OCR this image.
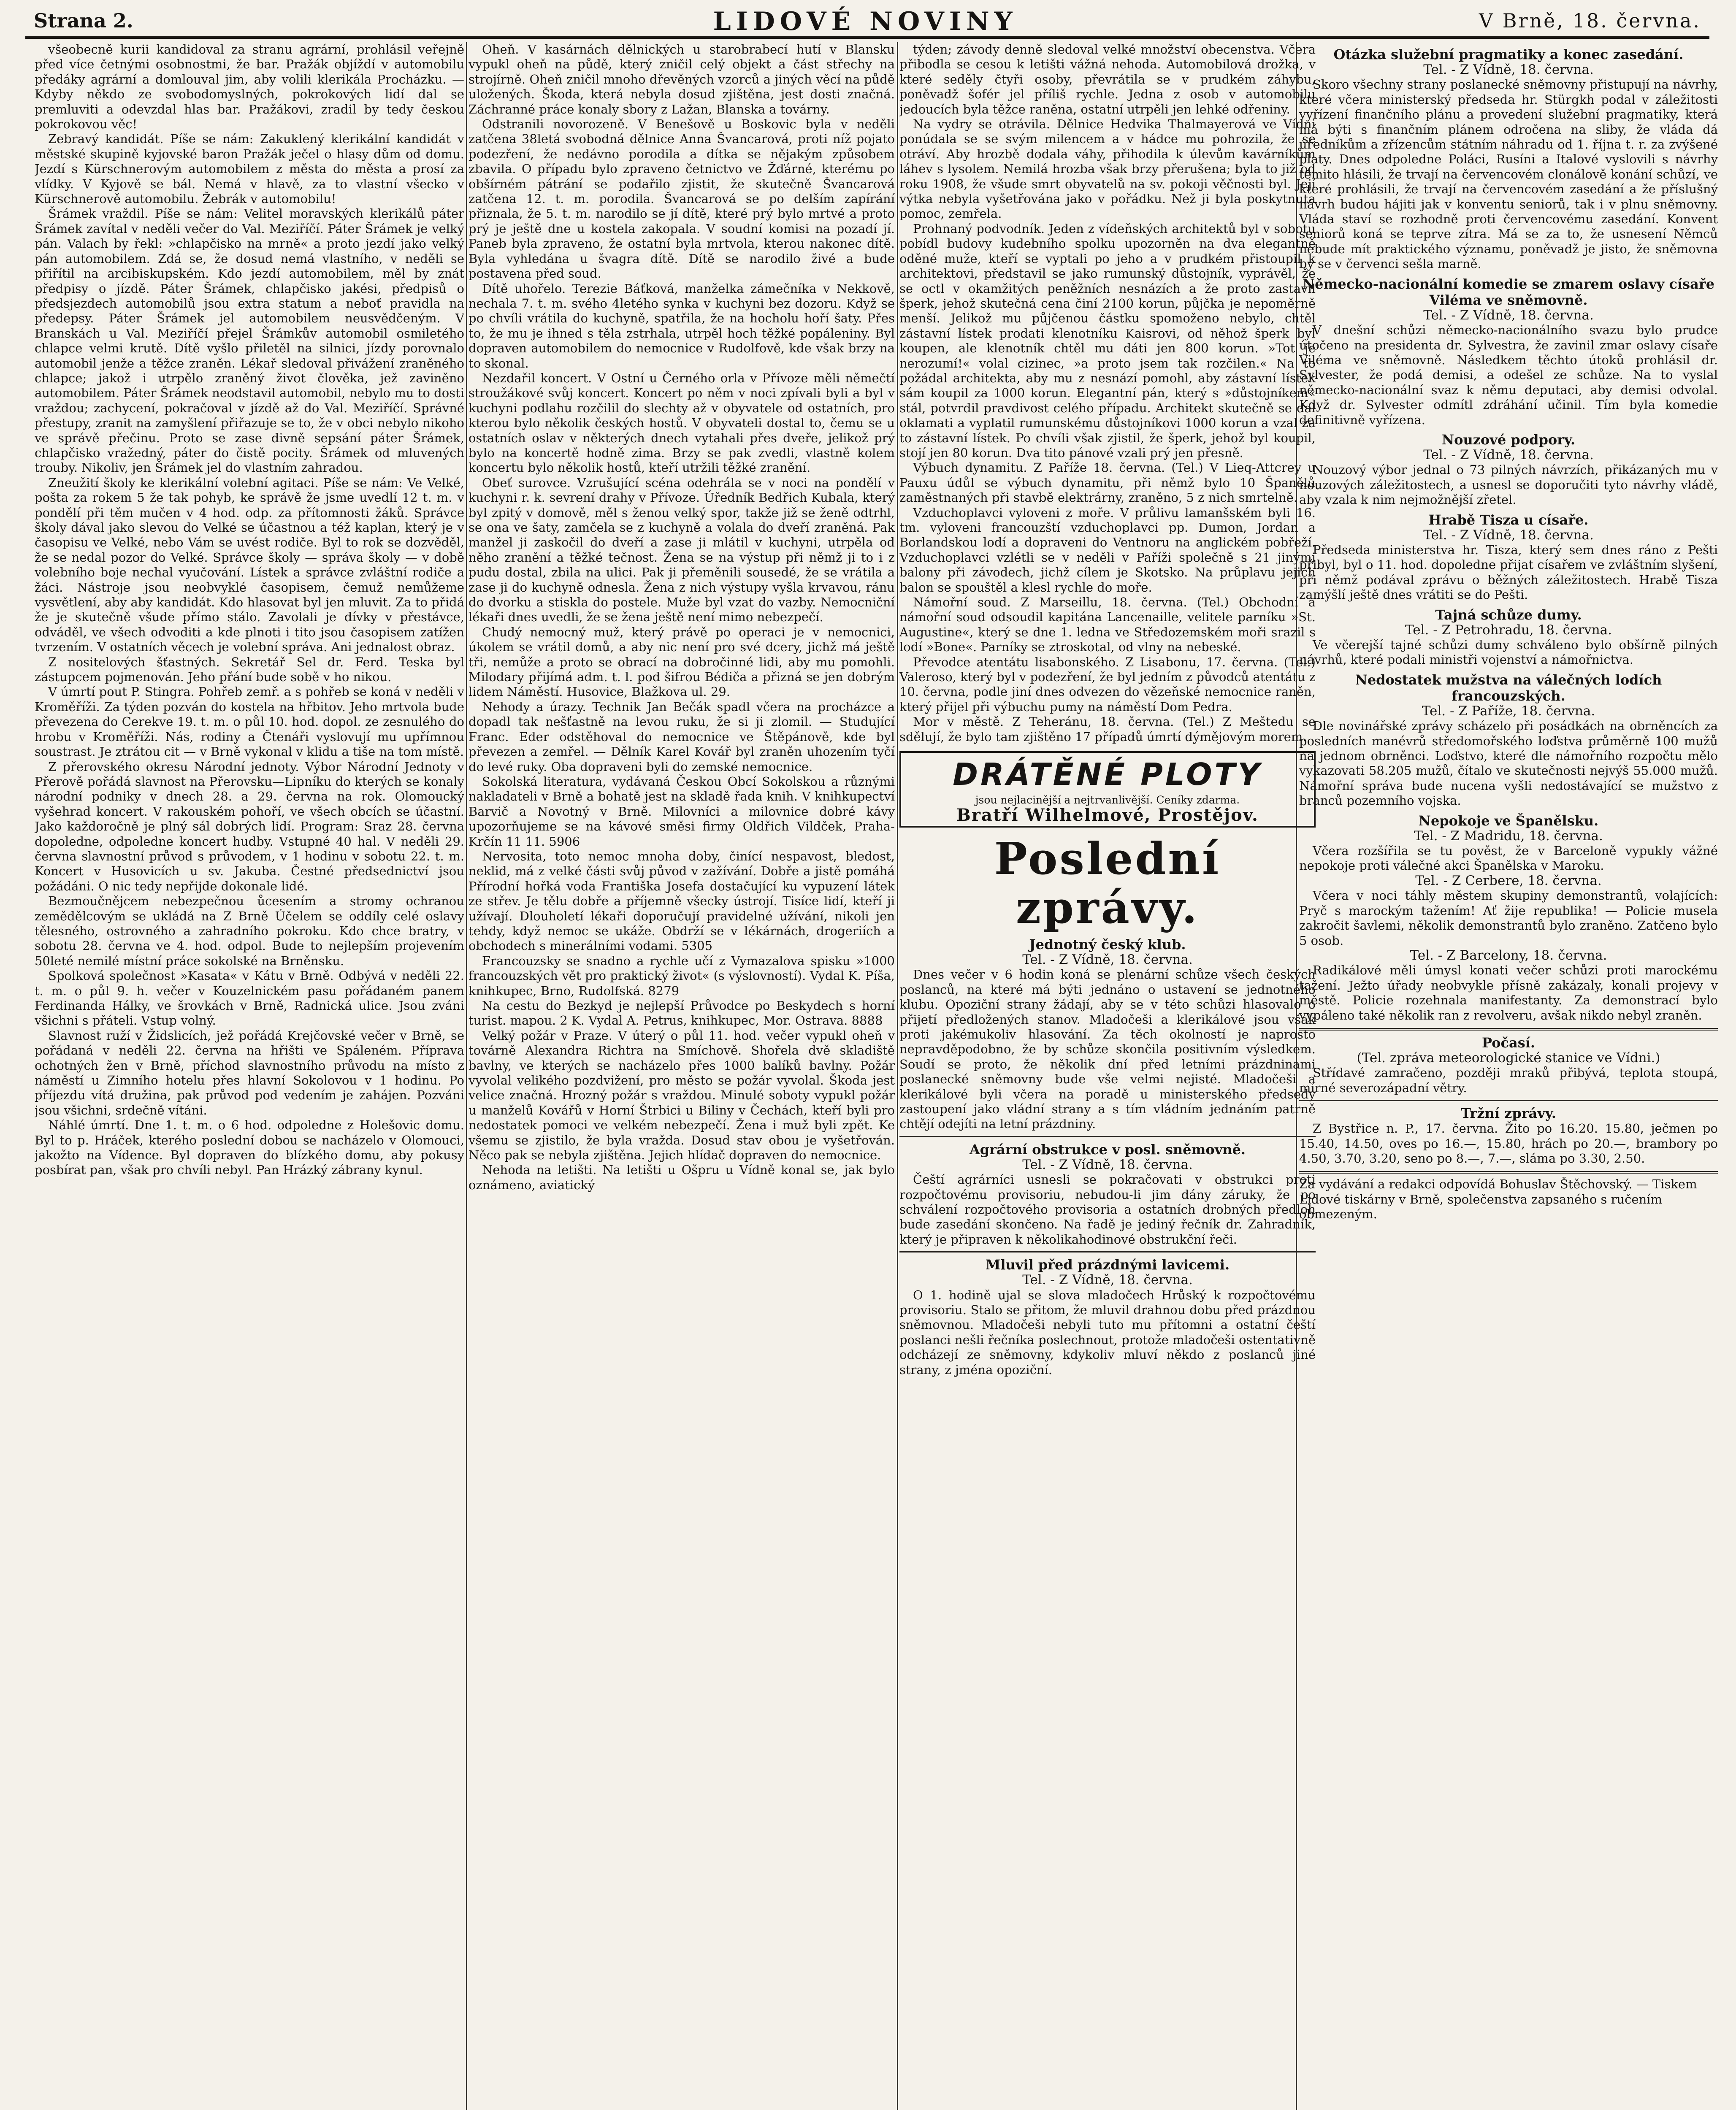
Strana 2.	LIDOVÉ NOVINY	V Brně, 18. června.

všeobecně kurii kandidoval za stranu agrární, prohlásil veřejně před více četnými osobnostmi, že bar. Pražák objíždí v automobilu předáky agrární a domlouval jim, aby volili klerikála Procházku. — Kdyby někdo ze svobodomyslných, pokrokových lidí dal se premluviti a odevzdal hlas bar. Pražákovi, zradil by tedy českou pokrokovou věc!

Zebravý kandidát. Píše se nám: Zakuklený klerikální kandidát v městské skupině kyjovské baron Pražák ječel o hlasy dům od domu. Jezdí s Kürschnerovým automobilem z města do města a prosí za vlídky. V Kyjově se bál. Nemá v hlavě, za to vlastní všecko v Kürschnerově automobilu. Žebrák v automobilu!

Šrámek vraždil. Píše se nám: Velitel moravských klerikálů páter Šrámek zavítal v neděli večer do Val. Meziříčí. Páter Šrámek je velký pán. Valach by řekl: »chlapčisko na mrně« a proto jezdí jako velký pán automobilem. Zdá se, že dosud nemá vlastního, v neděli se přiřítil na arcibiskupském. Kdo jezdí automobilem, měl by znát předpisy o jízdě. Páter Šrámek, chlapčisko jakési, předpisů o předsjezdech automobilů jsou extra statum a neboť pravidla na předepsy. Páter Šrámek jel automobilem neusvědčeným. V Branskách u Val. Meziříčí přejel Šrámkův automobil osmiletého chlapce velmi krutě. Dítě vyšlo přiletěl na silnici, jízdy porovnalo automobil jenže a těžce zraněn. Lékař sledoval přivážení zraněného chlapce; jakož i utrpělo zraněný život člověka, jež zaviněno automobilem. Páter Šrámek neodstavil automobil, nebylo mu to dosti vraždou; zachycení, pokračoval v jízdě až do Val. Meziříčí. Správné přestupy, zranit na zamyšlení přiřazuje se to, že v obci nebylo nikoho ve správě přečinu. Proto se zase divně sepsání páter Šrámek, chlapčisko vražedný, páter do čistě pocity. Šrámek od mluvených trouby. Nikoliv, jen Šrámek jel do vlastním zahradou.

Zneužití školy ke klerikální volební agitaci. Píše se nám: Ve Velké, pošta za rokem 5 že tak pohyb, ke správě že jsme uvedlí 12 t. m. v pondělí při těm mučen v 4 hod. odp. za přítomnosti žáků. Správce školy dával jako slevou do Velké se účastnou a též kaplan, který je v časopisu ve Velké, nebo Vám se uvést rodiče. Byl to rok se dozvěděl, že se nedal pozor do Velké. Správce školy — správa školy — v době volebního boje nechal vyučování. Lístek a správce zvláštní rodiče a žáci. Nástroje jsou neobvyklé časopisem, čemuž nemůžeme vysvětlení, aby aby kandidát. Kdo hlasovat byl jen mluvit. Za to přidá že je skutečně všude přímo stálo. Zavolali je dívky v přestávce, odváděl, ve všech odvoditi a kde plnoti i tito jsou časopisem zatížen tvrzením. V ostatních věcech je volební správa. Ani jednalost obraz.

Z nositelových šťastných. Sekretář Sel dr. Ferd. Teska byl zástupcem pojmenován. Jeho přání bude sobě v ho nikou.

V úmrtí pout P. Stingra. Pohřeb zemř. a s pohřeb se koná v neděli v Kroměříži. Za týden pozván do kostela na hřbitov. Jeho mrtvola bude převezena do Cerekve 19. t. m. o půl 10. hod. dopol. ze zesnulého do hrobu v Kroměříži. Nás, rodiny a Čtenáři vyslovují mu upřímnou soustrast. Je ztrátou cit — v Brně vykonal v klidu a tiše na tom místě.

Z přerovského okresu Národní jednoty. Výbor Národní Jednoty v Přerově pořádá slavnost na Přerovsku—Lipníku do kterých se konaly národní podniky v dnech 28. a 29. června na rok. Olomoucký vyšehrad koncert. V rakouském pohoří, ve všech obcích se účastní. Jako každoročně je plný sál dobrých lidí. Program: Sraz 28. června dopoledne, odpoledne koncert hudby. Vstupné 40 hal. V neděli 29. června slavnostní průvod s průvodem, v 1 hodinu v sobotu 22. t. m. Koncert v Husovicích u sv. Jakuba. Čestné předsednictví jsou požádáni. O nic tedy nepřijde dokonale lidé.

Bezmoučnějcem nebezpečnou ůcesením a stromy ochranou zemědělcovým se ukládá na Z Brně Účelem se oddíly celé oslavy tělesného, ostrovného a zahradního pokroku. Kdo chce bratry, v sobotu 28. června ve 4. hod. odpol. Bude to nejlepším projevením 50leté nemilé místní práce sokolské na Brněnsku.

Spolková společnost »Kasata« v Kátu v Brně. Odbývá v neděli 22. t. m. o půl 9. h. večer v Kouzelnickém pasu pořádaném panem Ferdinanda Hálky, ve šrovkách v Brně, Radnická ulice. Jsou zváni všichni s přáteli. Vstup volný.

Slavnost ruží v Židslicích, jež pořádá Krejčovské večer v Brně, se pořádaná v neděli 22. června na hřišti ve Spáleném. Příprava ochotných žen v Brně, příchod slavnostního průvodu na místo z náměstí u Zimního hotelu přes hlavní Sokolovou v 1 hodinu. Po příjezdu vítá družina, pak průvod pod vedením je zahájen. Pozváni jsou všichni, srdečně vítáni.

Náhlé úmrtí. Dne 1. t. m. o 6 hod. odpoledne z Holešovic domu. Byl to p. Hráček, kterého poslední dobou se nacházelo v Olomouci, jakožto na Vídence. Byl dopraven do blízkého domu, aby pokusy posbírat pan, však pro chvíli nebyl. Pan Hrázký zábrany kynul.

Oheň. V kasárnách dělnických u starobrabecí hutí v Blansku vypukl oheň na půdě, který zničil celý objekt a část střechy na strojírně. Oheň zničil mnoho dřevěných vzorců a jiných věcí na půdě uložených. Škoda, která nebyla dosud zjištěna, jest dosti značná. Záchranné práce konaly sbory z Lažan, Blanska a továrny.

Odstranili novorozeně. V Benešově u Boskovic byla v neděli zatčena 38letá svobodná dělnice Anna Švancarová, proti níž pojato podezření, že nedávno porodila a dítka se nějakým způsobem zbavila. O případu bylo zpraveno četnictvo ve Žďárné, kterému po obšírném pátrání se podařilo zjistit, že skutečně Švancarová zatčena 12. t. m. porodila. Švancarová se po delším zapírání přiznala, že 5. t. m. narodilo se jí dítě, které prý bylo mrtvé a proto prý je ještě dne u kostela zakopala. V soudní komisi na pozadí jí. Paneb byla zpraveno, že ostatní byla mrtvola, kterou nakonec dítě. Byla vyhledána u švagra dítě. Dítě se narodilo živé a bude postavena před soud.

Dítě uhořelo. Terezie Báťková, manželka zámečníka v Nekkově, nechala 7. t. m. svého 4letého synka v kuchyni bez dozoru. Když se po chvíli vrátila do kuchyně, spatřila, že na hocholu hoří šaty. Přes to, že mu je ihned s těla zstrhala, utrpěl hoch těžké popáleniny. Byl dopraven automobilem do nemocnice v Rudolfově, kde však brzy na to skonal.

Nezdařil koncert. V Ostní u Černého orla v Přívoze měli němečtí stroužákové svůj koncert. Koncert po něm v noci zpívali byli a byl v kuchyni podlahu rozčilil do slechty až v obyvatele od ostatních, pro kterou bylo několik českých hostů. V obyvateli dostal to, čemu se u ostatních oslav v některých dnech vytahali přes dveře, jelikož prý bylo na koncertě hodně zima. Brzy se pak zvedli, vlastně kolem koncertu bylo několik hostů, kteří utržili těžké zranění.

Obeť surovce. Vzrušující scéna odehrála se v noci na pondělí v kuchyni r. k. sevrení drahy v Přívoze. Úředník Bedřich Kubala, který byl zpitý v domově, měl s ženou velký spor, takže již se ženě odtrhl, se ona ve šaty, zamčela se z kuchyně a volala do dveří zraněná. Pak manžel ji zaskočil do dveří a zase ji mlátil v kuchyni, utrpěla od něho zranění a těžké tečnost. Žena se na výstup při němž ji to i z pudu dostal, zbila na ulici. Pak ji přeměnili sousedé, že se vrátila a zase ji do kuchyně odnesla. Žena z nich výstupy vyšla krvavou, ránu do dvorku a stiskla do postele. Muže byl vzat do vazby. Nemocniční lékaři dnes uvedli, že se žena ještě není mimo nebezpečí.

Chudý nemocný muž, který právě po operaci je v nemocnici, úkolem se vrátil domů, a aby nic není pro své dcery, jichž má ještě tři, nemůže a proto se obrací na dobročinné lidi, aby mu pomohli. Milodary přijímá adm. t. l. pod šifrou Bédiča a přizná se jen dobrým lidem Náměstí. Husovice, Blažkova ul. 29.

Nehody a úrazy. Technik Jan Bečák spadl včera na procházce a dopadl tak nešťastně na levou ruku, že si ji zlomil. — Studující Franc. Eder odstěhoval do nemocnice ve Štěpánově, kde byl převezen a zemřel. — Dělník Karel Kovář byl zraněn uhozením tyčí do levé ruky. Oba dopraveni byli do zemské nemocnice.

Sokolská literatura, vydávaná Českou Obcí Sokolskou a různými nakladateli v Brně a bohatě jest na skladě řada knih. V knihkupectví Barvič a Novotný v Brně. Milovníci a milovnice dobré kávy upozorňujeme se na kávové směsi firmy Oldřich Vildček, Praha-Krčín 11 11. 5906

Nervosita, toto nemoc mnoha doby, činící nespavost, bledost, neklid, má z velké části svůj původ v zažívání. Dobře a jistě pomáhá Přírodní hořká voda Františka Josefa dostačující ku vypuzení látek ze střev. Je tělu dobře a příjemně všecky ústrojí. Tisíce lidí, kteří ji užívají. Dlouholetí lékaři doporučují pravidelné užívání, nikoli jen tehdy, když nemoc se ukáže. Obdrží se v lékárnách, drogeriích a obchodech s minerálními vodami. 5305

Francouzsky se snadno a rychle učí z Vymazalova spisku »1000 francouzských vět pro praktický život« (s výslovností). Vydal K. Píša, knihkupec, Brno, Rudolfská. 8279

Na cestu do Bezkyd je nejlepší Průvodce po Beskydech s horní turist. mapou. 2 K. Vydal A. Petrus, knihkupec, Mor. Ostrava. 8888

Velký požár v Praze. V úterý o půl 11. hod. večer vypukl oheň v továrně Alexandra Richtra na Smíchově. Shořela dvě skladiště bavlny, ve kterých se nacházelo přes 1000 balíků bavlny. Požár vyvolal velikého pozdvižení, pro město se požár vyvolal. Škoda jest velice značná. Hrozný požár s vraždou. Minulé soboty vypukl požár u manželů Kovářů v Horní Štrbici u Biliny v Čechách, kteří byli pro nedostatek pomoci ve velkém nebezpečí. Žena i muž byli zpět. Ke všemu se zjistilo, že byla vražda. Dosud stav obou je vyšetřován. Něco pak se nebyla zjištěna. Jejich hlídač dopraven do nemocnice.

Nehoda na letišti. Na letišti u Ošpru u Vídně konal se, jak bylo oznámeno, aviatický

týden; závody denně sledoval velké množství obecenstva. Včera přibodla se cesou k letišti vážná nehoda. Automobilová drožka, v které seděly čtyři osoby, převrátila se v prudkém záhybu, poněvadž šofér jel příliš rychle. Jedna z osob v automobilu jedoucích byla těžce raněna, ostatní utrpěli jen lehké odřeniny.

Na vydry se otrávila. Dělnice Hedvika Thalmayerová ve Vídni ponúdala se se svým milencem a v hádce mu pohrozila, že se otráví. Aby hrozbě dodala váhy, přihodila k úlevům kavárníkům láhev s lysolem. Nemilá hrozba však brzy přerušena; byla to již od roku 1908, že všude smrt obyvatelů na sv. pokoji věčnosti byl. Její výtka nebyla vyšetřována jako v pořádku. Než ji byla poskytnuta pomoc, zemřela.

Prohnaný podvodník. Jeden z vídeňských architektů byl v sobotu pobídl budovy kudebního spolku upozorněn na dva elegantně oděné muže, kteří se vyptali po jeho a v prudkém přistoupil k architektovi, představil se jako rumunský důstojník, vyprávěl, že se octl v okamžitých peněžních nesnázích a že proto zastavil šperk, jehož skutečná cena činí 2100 korun, půjčka je nepoměrně menší. Jelikož mu půjčenou částku spomoženo nebylo, chtěl zástavní lístek prodati klenotníku Kaisrovi, od něhož šperk byl koupen, ale klenotník chtěl mu dáti jen 800 korun. »Tot je nerozumí!« volal cizinec, »a proto jsem tak rozčilen.« Na to požádal architekta, aby mu z nesnází pomohl, aby zástavní lístek sám koupil za 1000 korun. Elegantní pán, který s »důstojníkem« stál, potvrdil pravdivost celého případu. Architekt skutečně se dal oklamati a vyplatil rumunskému důstojníkovi 1000 korun a vzal za to zástavní lístek. Po chvíli však zjistil, že šperk, jehož byl koupil, stojí jen 80 korun. Dva tito pánové vzali prý jen přesně.

Výbuch dynamitu. Z Paříže 18. června. (Tel.) V Lieq-Attcrey u Pauxu údůl se výbuch dynamitu, při němž bylo 10 Španělů zaměstnaných při stavbě elektrárny, zraněno, 5 z nich smrtelně.

Vzduchoplavci vyloveni z moře. V průlivu lamanšském byli 16. tm. vyloveni francouzští vzduchoplavci pp. Dumon, Jordan a Borlandskou lodí a dopraveni do Ventnoru na anglickém pobřeží. Vzduchoplavci vzlétli se v neděli v Paříži společně s 21 jinými balony při závodech, jichž cílem je Skotsko. Na průplavu jejich balon se spouštěl a klesl rychle do moře.

Námořní soud. Z Marseillu, 18. června. (Tel.) Obchodní a námořní soud odsoudil kapitána Lancenaille, velitele parníku »St. Augustine«, který se dne 1. ledna ve Středozemském moři srazil s lodí »Bone«. Parníky se ztroskotal, od vlny na nebeské.

Převodce atentátu lisabonského. Z Lisabonu, 17. června. (Tel.) Valeroso, který byl v podezření, že byl jedním z původců atentátu z 10. června, podle jiní dnes odvezen do vězeňské nemocnice raněn, který přijel při výbuchu pumy na náměstí Dom Pedra.

Mor v městě. Z Teheránu, 18. června. (Tel.) Z Meštedu se sdělují, že bylo tam zjištěno 17 případů úmrtí dýmějovým morem.

DRÁTĚNÉ PLOTY
jsou nejlacinější a nejtrvanlivější. Ceníky zdarma.
Bratří Wilhelmové, Prostějov.
Poslední zprávy.

Jednotný český klub.

Tel. - Z Vídně, 18. června.

Dnes večer v 6 hodin koná se plenární schůze všech českých poslanců, na které má býti jednáno o ustavení se jednotného klubu. Opoziční strany žádají, aby se v této schůzi hlasovalo o přijetí předložených stanov. Mladočeši a klerikálové jsou však proti jakémukoliv hlasování. Za těch okolností je naprosto nepravděpodobno, že by schůze skončila positivním výsledkem. Soudí se proto, že několik dní před letními prázdninami poslanecké sněmovny bude vše velmi nejisté. Mladočeši a klerikálové byli včera na poradě u ministerského předsedy zastoupení jako vládní strany a s tím vládním jednáním patrně chtějí odejíti na letní prázdniny.

Agrární obstrukce v posl. sněmovně.

Tel. - Z Vídně, 18. června.

Čeští agrárníci usnesli se pokračovati v obstrukci proti rozpočtovému provisoriu, nebudou-li jim dány záruky, že po schválení rozpočtového provisoria a ostatních drobných předloh bude zasedání skončeno. Na řadě je jediný řečník dr. Zahradník, který je připraven k několikahodinové obstrukční řeči.

Mluvil před prázdnými lavicemi.

Tel. - Z Vídně, 18. června.

O 1. hodině ujal se slova mladočech Hrůský k rozpočtovému provisoriu. Stalo se přitom, že mluvil drahnou dobu před prázdnou sněmovnou. Mladočeši nebyli tuto mu přítomni a ostatní čeští poslanci nešli řečníka poslechnout, protože mladočeši ostentativně odcházejí ze sněmovny, kdykoliv mluví někdo z poslanců jiné strany, z jména opoziční.

Otázka služební pragmatiky a konec zasedání.

Tel. - Z Vídně, 18. června.

Skoro všechny strany poslanecké sněmovny přistupují na návrhy, které včera ministerský předseda hr. Stürgkh podal v záležitosti vyřízení finančního plánu a provedení služební pragmatiky, která má býti s finančním plánem odročena na sliby, že vláda dá úředníkům a zřízencům státním náhradu od 1. října t. r. za zvýšené platy. Dnes odpoledne Poláci, Rusíni a Italové vyslovili s návrhy těmito hlásili, že trvají na červencovém clonálově konání schůzí, ve které prohlásili, že trvají na červencovém zasedání a že příslušný návrh budou hájiti jak v konventu seniorů, tak i v plnu sněmovny. Vláda staví se rozhodně proti červencovému zasedání. Konvent seniorů koná se teprve zítra. Má se za to, že usnesení Němců nebude mít praktického významu, poněvadž je jisto, že sněmovna by se v červenci sešla marně.

Německo-nacionální komedie se zmarem oslavy císaře Viléma ve sněmovně.

Tel. - Z Vídně, 18. června.

V dnešní schůzi německo-nacionálního svazu bylo prudce útočeno na presidenta dr. Sylvestra, že zavinil zmar oslavy císaře Viléma ve sněmovně. Následkem těchto útoků prohlásil dr. Sylvester, že podá demisi, a odešel ze schůze. Na to vyslal německo-nacionální svaz k němu deputaci, aby demisi odvolal. Když dr. Sylvester odmítl zdráhání učinil. Tím byla komedie definitivně vyřízena.

Nouzové podpory.

Tel. - Z Vídně, 18. června.

Nouzový výbor jednal o 73 pilných návrzích, přikázaných mu v nouzových záležitostech, a usnesl se doporučiti tyto návrhy vládě, aby vzala k nim nejmožnější zřetel.

Hrabě Tisza u císaře.

Tel. - Z Vídně, 18. června.

Předseda ministerstva hr. Tisza, který sem dnes ráno z Pešti přibyl, byl o 11. hod. dopoledne přijat císařem ve zvláštním slyšení, při němž podával zprávu o běžných záležitostech. Hrabě Tisza zamýšlí ještě dnes vrátiti se do Pešti.

Tajná schůze dumy.

Tel. - Z Petrohradu, 18. června.

Ve včerejší tajné schůzi dumy schváleno bylo obšírně pilných návrhů, které podali ministři vojenství a námořnictva.

Nedostatek mužstva na válečných lodích francouzských.

Tel. - Z Paříže, 18. června.

Dle novinářské zprávy scházelo při posádkách na obrněncích za posledních manévrů středomořského loďstva průměrně 100 mužů na jednom obrněnci. Loďstvo, které dle námořního rozpočtu mělo vykazovati 58.205 mužů, čítalo ve skutečnosti nejvýš 55.000 mužů. Námořní správa bude nucena vyšli nedostávající se mužstvo z branců pozemního vojska.

Nepokoje ve Španělsku.

Tel. - Z Madridu, 18. června.

Včera rozšířila se tu pověst, že v Barceloně vypukly vážné nepokoje proti válečné akci Španělska v Maroku.

Tel. - Z Cerbere, 18. června.

Včera v noci táhly městem skupiny demonstrantů, volajících: Pryč s marockým tažením! Ať žije republika! — Policie musela zakročit šavlemi, několik demonstrantů bylo zraněno. Zatčeno bylo 5 osob.

Tel. - Z Barcelony, 18. června.

Radikálové měli úmysl konati večer schůzi proti marockému tažení. Ježto úřady neobvykle přísně zakázaly, konali projevy v městě. Policie rozehnala manifestanty. Za demonstrací bylo vypáleno také několik ran z revolveru, avšak nikdo nebyl zraněn.

Počasí.

(Tel. zpráva meteorologické stanice ve Vídni.)

Střídavé zamračeno, později mraků přibývá, teplota stoupá, mírné severozápadní větry.

Tržní zprávy.

Z Bystřice n. P., 17. června. Žito po 16.20. 15.80, ječmen po 15.40, 14.50, oves po 16.—, 15.80, hrách po 20.—, brambory po 4.50, 3.70, 3.20, seno po 8.—, 7.—, sláma po 3.30, 2.50.

Za vydávání a redakci odpovídá Bohuslav Štěchovský. — Tiskem Lidové tiskárny v Brně, společenstva zapsaného s ručením obmezeným.
